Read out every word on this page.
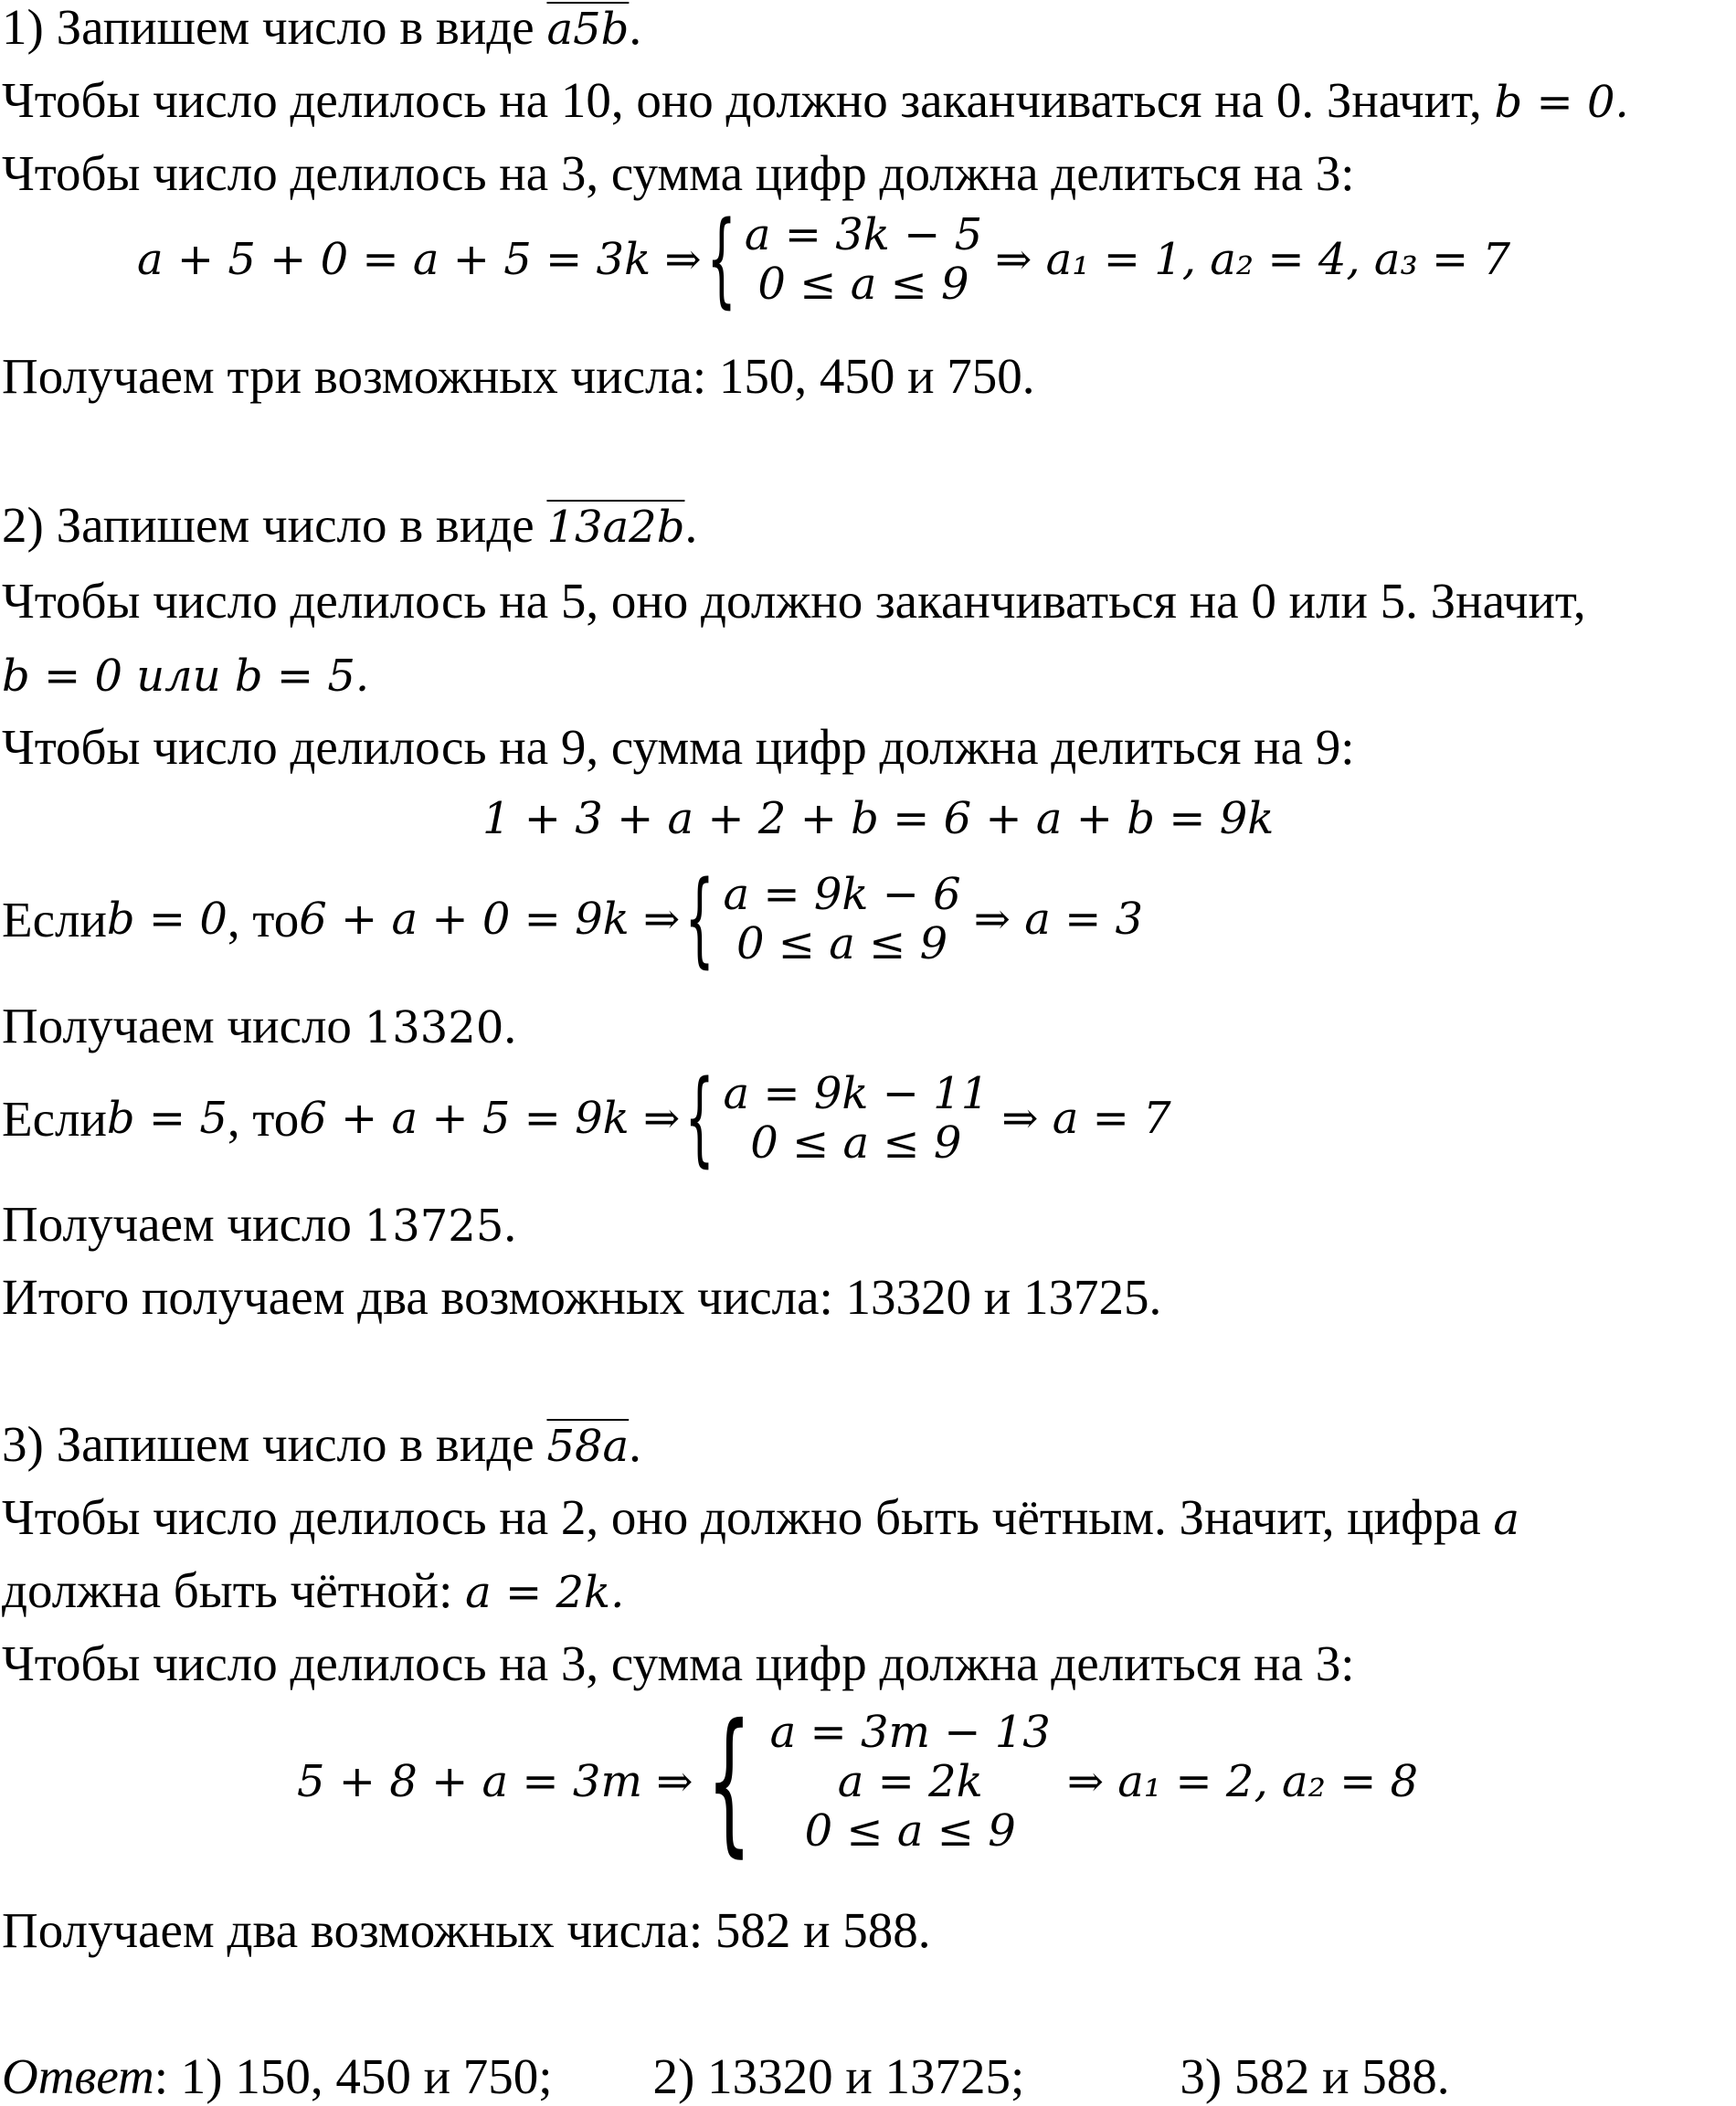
1) Запишем число в виде a5b.
Чтобы число делилось на 10, оно должно заканчиваться на 0. Значит, b = 0.
Чтобы число делилось на 3, сумма цифр должна делиться на 3:
a + 5 + 0 = a + 5 = 3k ⇒ { a = 3k − 5
0 ≤ a ≤ 9 ⇒ a₁ = 1, a₂ = 4, a₃ = 7
Получаем три возможных числа: 150, 450 и 750.
2) Запишем число в виде 13a2b.
Чтобы число делилось на 5, оно должно заканчиваться на 0 или 5. Значит,
b = 0 или b = 5.
Чтобы число делилось на 9, сумма цифр должна делиться на 9:
1 + 3 + a + 2 + b = 6 + a + b = 9k
Если b = 0 , то 6 + a + 0 = 9k ⇒ { a = 9k − 6
0 ≤ a ≤ 9 ⇒ a = 3
Получаем число 13320.
Если b = 5 , то 6 + a + 5 = 9k ⇒ { a = 9k − 11
0 ≤ a ≤ 9 ⇒ a = 7
Получаем число 13725.
Итого получаем два возможных числа: 13320 и 13725.
3) Запишем число в виде 58a.
Чтобы число делилось на 2, оно должно быть чётным. Значит, цифра a
должна быть чётной: a = 2k.
Чтобы число делилось на 3, сумма цифр должна делиться на 3:
5 + 8 + a = 3m ⇒ { a = 3m − 13
a = 2k
0 ≤ a ≤ 9
⇒ a₁ = 2, a₂ = 8
Получаем два возможных числа: 582 и 588.
Ответ: 1) 150, 450 и 750; 2) 13320 и 13725;	3) 582 и 588.
